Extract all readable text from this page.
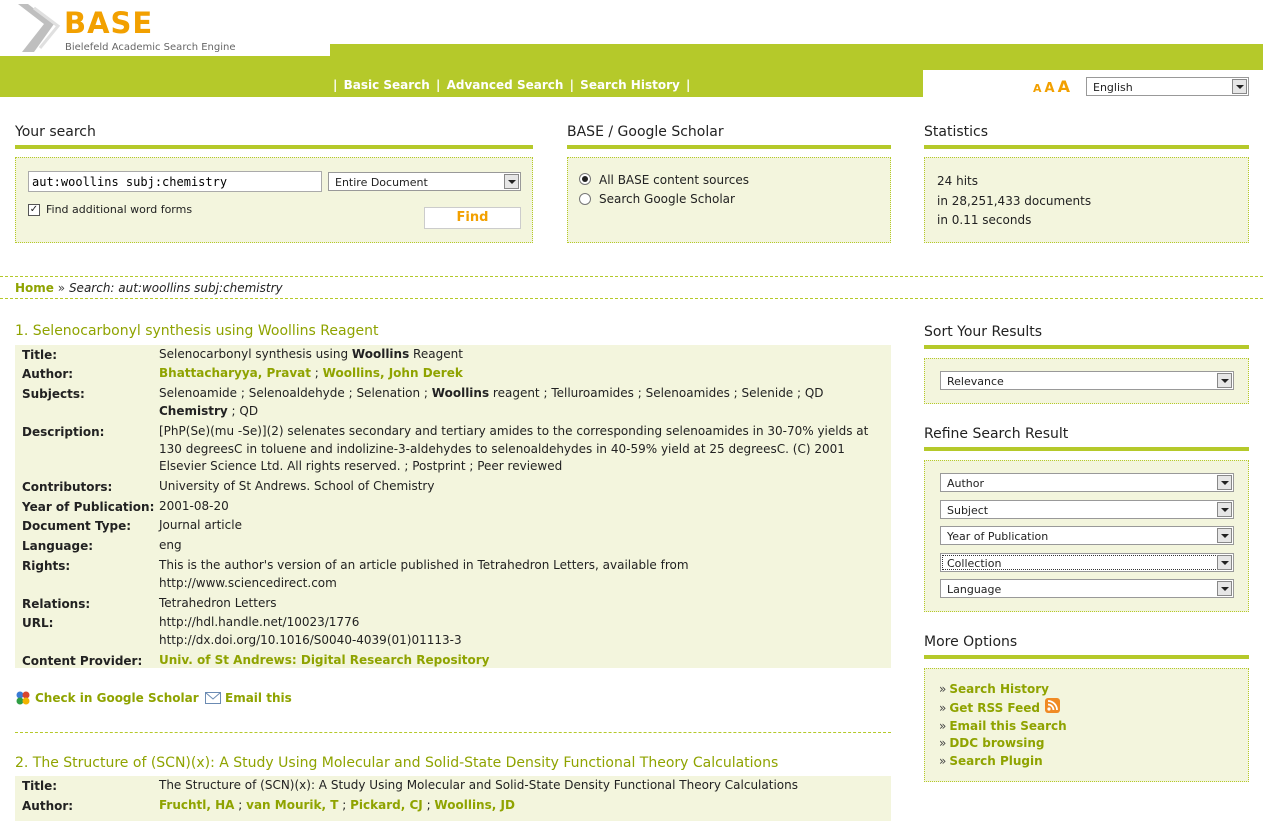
BASE
Bielefeld Academic Search Engine
| Basic Search | Advanced Search | Search History |	A A A	English
Your search
aut:woollins subj:chemistry
Entire Document
✓ Find additional word forms
Find
BASE / Google Scholar
All BASE content sources
Search Google Scholar
Statistics
24 hits
in 28,251,433 documents
in 0.11 seconds
Home » Search: aut:woollins subj:chemistry
1. Selenocarbonyl synthesis using Woollins Reagent
Title:	Selenocarbonyl synthesis using Woollins Reagent
Author:	Bhattacharyya, Pravat ; Woollins, John Derek
Subjects:	Selenoamide ; Selenoaldehyde ; Selenation ; Woollins reagent ; Telluroamides ; Selenoamides ; Selenide ; QD
Chemistry ; QD
Description:	[PhP(Se)(mu -Se)](2) selenates secondary and tertiary amides to the corresponding selenoamides in 30-70% yields at 130 degreesC in toluene and indolizine-3-aldehydes to selenoaldehydes in 40-59% yield at 25 degreesC. (C) 2001 Elsevier Science Ltd. All rights reserved. ; Postprint ; Peer reviewed
Contributors:	University of St Andrews. School of Chemistry
Year of Publication: 2001-08-20
Document Type: Journal article
Language:	eng
Rights:	This is the author's version of an article published in Tetrahedron Letters, available from
http://www.sciencedirect.com
Relations:	Tetrahedron Letters
URL:	http://hdl.handle.net/10023/1776
http://dx.doi.org/10.1016/S0040-4039(01)01113-3
Content Provider: Univ. of St Andrews: Digital Research Repository
Check in Google Scholar Email this
2. The Structure of (SCN)(x): A Study Using Molecular and Solid-State Density Functional Theory Calculations
Title:	The Structure of (SCN)(x): A Study Using Molecular and Solid-State Density Functional Theory Calculations
Author:	Fruchtl, HA ; van Mourik, T ; Pickard, CJ ; Woollins, JD
Sort Your Results
Relevance
Refine Search Result
Author
Subject
Year of Publication
Collection
Language
More Options
» Search History
» Get RSS Feed
» Email this Search
» DDC browsing
» Search Plugin
